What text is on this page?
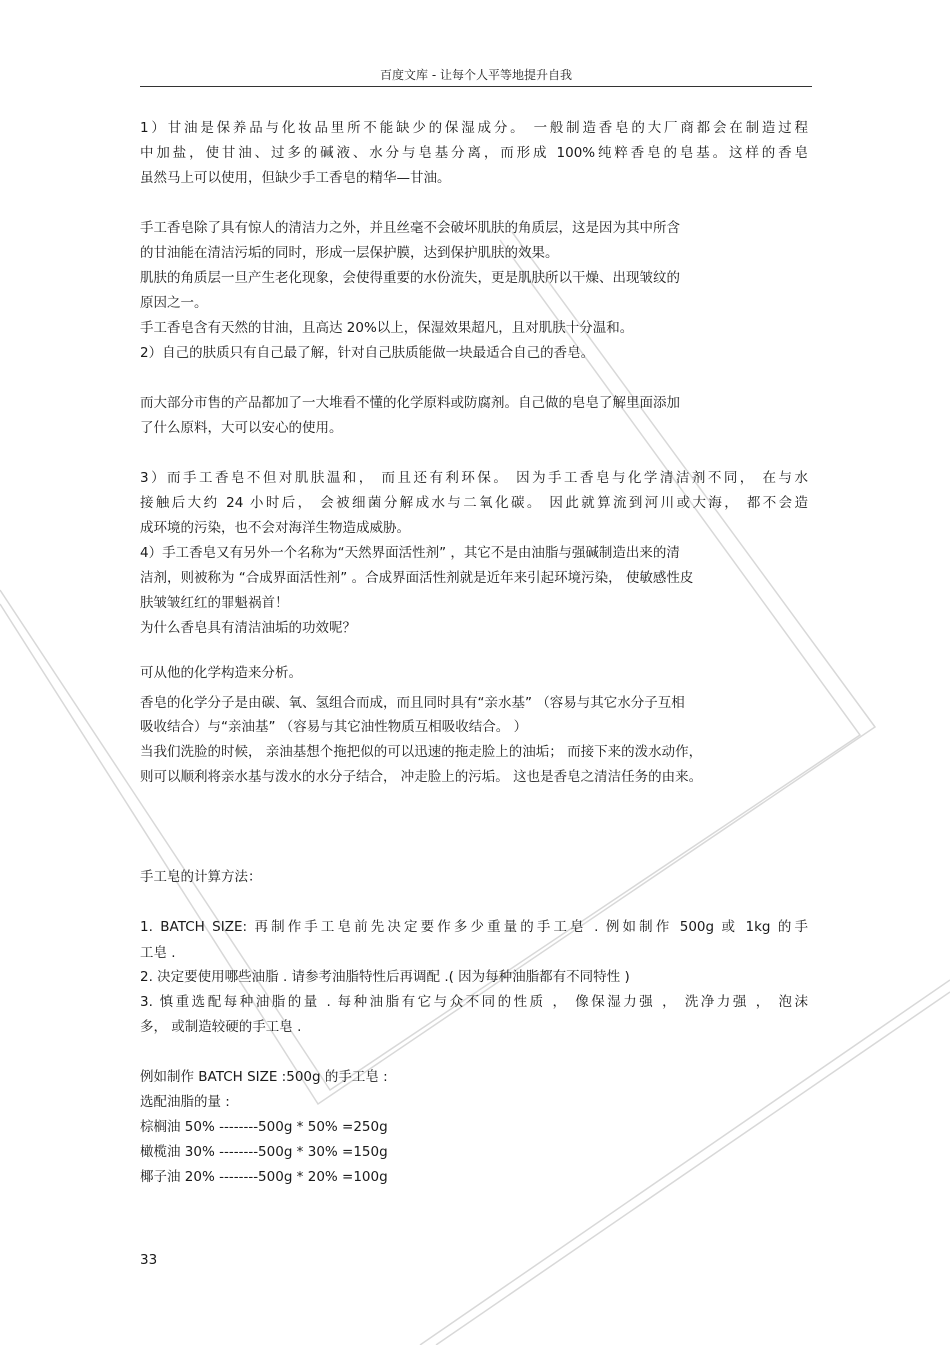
百度文库 - 让每个人平等地提升自我
1）甘油是保养品与化妆品里所不能缺少的保湿成分。 一般制造香皂的大厂商都会在制造过程
中加盐，使甘油、过多的碱液、水分与皂基分离，而形成 100%纯粹香皂的皂基。这样的香皂
虽然马上可以使用，但缺少手工香皂的精华—甘油。
手工香皂除了具有惊人的清洁力之外，并且丝毫不会破坏肌肤的角质层，这是因为其中所含
的甘油能在清洁污垢的同时，形成一层保护膜，达到保护肌肤的效果。
肌肤的角质层一旦产生老化现象，会使得重要的水份流失，更是肌肤所以干燥、出现皱纹的
原因之一。
手工香皂含有天然的甘油，且高达 20%以上，保湿效果超凡，且对肌肤十分温和。
2）自己的肤质只有自己最了解，针对自己肤质能做一块最适合自己的香皂。
而大部分市售的产品都加了一大堆看不懂的化学原料或防腐剂。自己做的皂皂了解里面添加
了什么原料，大可以安心的使用。
3）而手工香皂不但对肌肤温和， 而且还有利环保。 因为手工香皂与化学清洁剂不同， 在与水
接触后大约 24 小时后， 会被细菌分解成水与二氧化碳。 因此就算流到河川或大海， 都不会造
成环境的污染，也不会对海洋生物造成威胁。
4）手工香皂又有另外一个名称为“天然界面活性剂” ，其它不是由油脂与强碱制造出来的清
洁剂，则被称为 “合成界面活性剂” 。合成界面活性剂就是近年来引起环境污染， 使敏感性皮
肤皱皱红红的罪魁祸首！
为什么香皂具有清洁油垢的功效呢？
可从他的化学构造来分析。
香皂的化学分子是由碳、氧、氢组合而成，而且同时具有“亲水基” （容易与其它水分子互相
吸收结合）与“亲油基” （容易与其它油性物质互相吸收结合。 ）
当我们洗脸的时候， 亲油基想个拖把似的可以迅速的拖走脸上的油垢； 而接下来的泼水动作，
则可以顺利将亲水基与泼水的水分子结合， 冲走脸上的污垢。 这也是香皂之清洁任务的由来。
手工皂的计算方法：
1. BATCH SIZE: 再制作手工皂前先决定要作多少重量的手工皂 . 例如制作 500g 或 1kg 的手
工皂 .
2. 决定要使用哪些油脂 . 请参考油脂特性后再调配 .( 因为每种油脂都有不同特性 )
3. 慎重选配每种油脂的量 . 每种油脂有它与众不同的性质 ， 像保湿力强 ， 洗净力强 ， 泡沫
多， 或制造较硬的手工皂 .
例如制作 BATCH SIZE :500g 的手工皂 :
选配油脂的量 :
棕榈油 50% --------500g * 50% =250g
橄榄油 30% --------500g * 30% =150g
椰子油 20% --------500g * 20% =100g
33
